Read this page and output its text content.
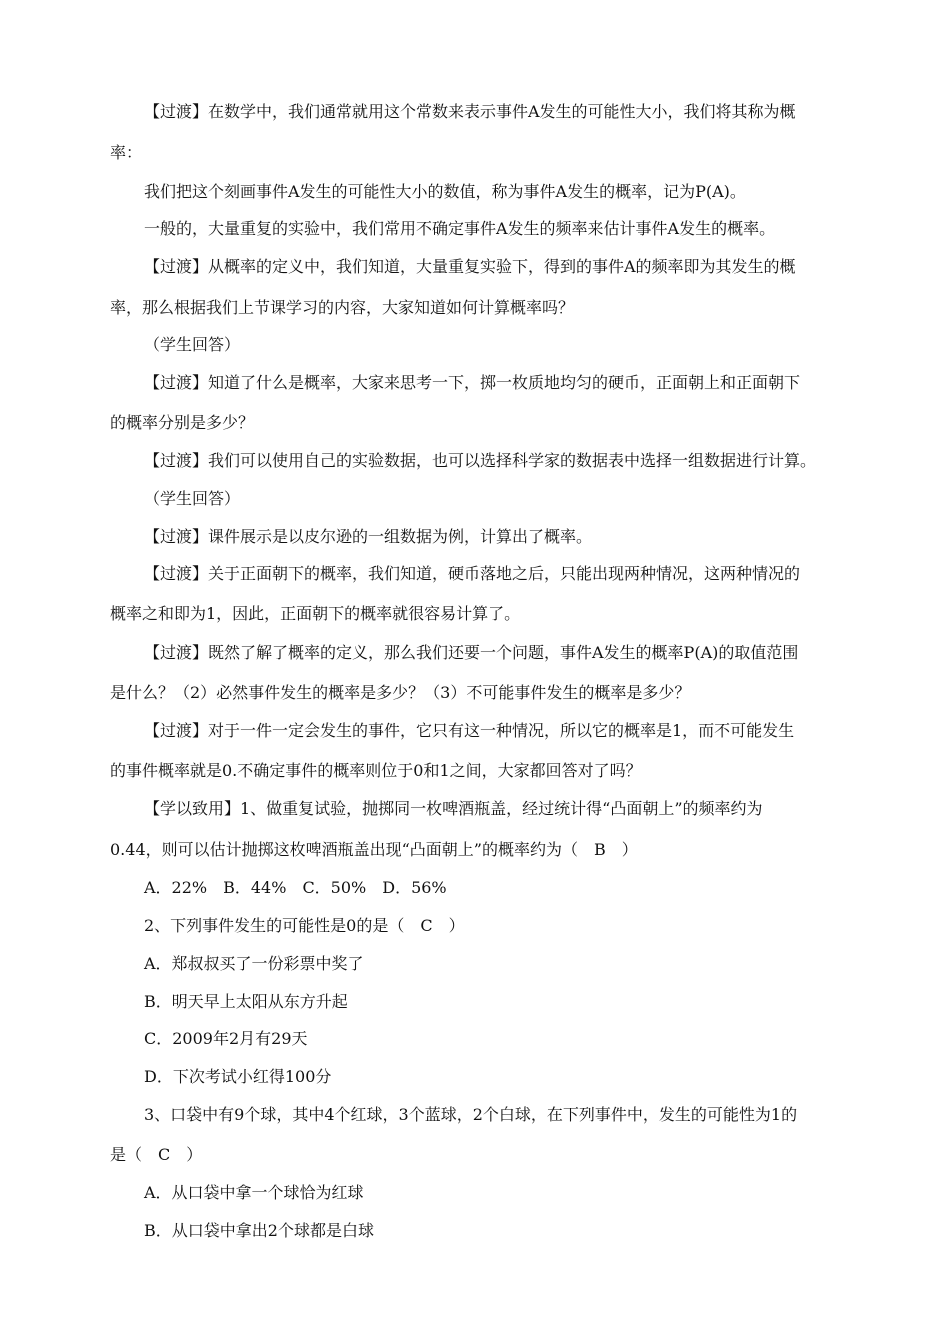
【过渡】在数学中，我们通常就用这个常数来表示事件A发生的可能性大小，我们将其称为概
率：
我们把这个刻画事件A发生的可能性大小的数值，称为事件A发生的概率，记为P(A)。
一般的，大量重复的实验中，我们常用不确定事件A发生的频率来估计事件A发生的概率。
【过渡】从概率的定义中，我们知道，大量重复实验下，得到的事件A的频率即为其发生的概
率，那么根据我们上节课学习的内容，大家知道如何计算概率吗？
（学生回答）
【过渡】知道了什么是概率，大家来思考一下，掷一枚质地均匀的硬币，正面朝上和正面朝下
的概率分别是多少？
【过渡】我们可以使用自己的实验数据，也可以选择科学家的数据表中选择一组数据进行计算。
（学生回答）
【过渡】课件展示是以皮尔逊的一组数据为例，计算出了概率。
【过渡】关于正面朝下的概率，我们知道，硬币落地之后，只能出现两种情况，这两种情况的
概率之和即为1，因此，正面朝下的概率就很容易计算了。
【过渡】既然了解了概率的定义，那么我们还要一个问题，事件A发生的概率P(A)的取值范围
是什么？（2）必然事件发生的概率是多少？（3）不可能事件发生的概率是多少？
【过渡】对于一件一定会发生的事件，它只有这一种情况，所以它的概率是1，而不可能发生
的事件概率就是0.不确定事件的概率则位于0和1之间，大家都回答对了吗？
【学以致用】1、做重复试验，抛掷同一枚啤酒瓶盖，经过统计得“凸面朝上”的频率约为
0.44，则可以估计抛掷这枚啤酒瓶盖出现“凸面朝上”的概率约为（　B　）
A．22%　B．44%　C．50%　D．56%
2、下列事件发生的可能性是0的是（　C　）
A．郑叔叔买了一份彩票中奖了
B．明天早上太阳从东方升起
C．2009年2月有29天
D．下次考试小红得100分
3、口袋中有9个球，其中4个红球，3个蓝球，2个白球，在下列事件中，发生的可能性为1的
是（　C　）
A．从口袋中拿一个球恰为红球
B．从口袋中拿出2个球都是白球
